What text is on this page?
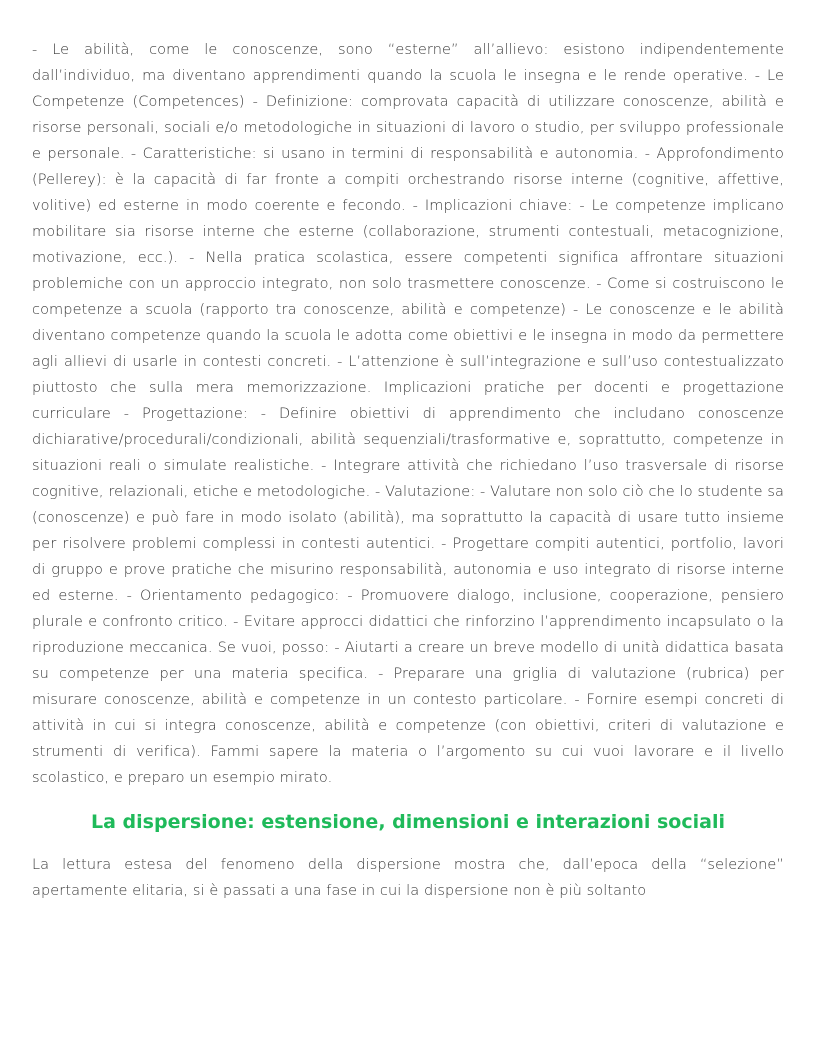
- Le abilità, come le conoscenze, sono “esterne” all’allievo: esistono indipendentemente dall’individuo, ma diventano apprendimenti quando la scuola le insegna e le rende operative. - Le Competenze (Competences) - Definizione: comprovata capacità di utilizzare conoscenze, abilità e risorse personali, sociali e/o metodologiche in situazioni di lavoro o studio, per sviluppo professionale e personale. - Caratteristiche: si usano in termini di responsabilità e autonomia. - Approfondimento (Pellerey): è la capacità di far fronte a compiti orchestrando risorse interne (cognitive, affettive, volitive) ed esterne in modo coerente e fecondo. - Implicazioni chiave: - Le competenze implicano mobilitare sia risorse interne che esterne (collaborazione, strumenti contestuali, metacognizione, motivazione, ecc.). - Nella pratica scolastica, essere competenti significa affrontare situazioni problemiche con un approccio integrato, non solo trasmettere conoscenze. - Come si costruiscono le competenze a scuola (rapporto tra conoscenze, abilità e competenze) - Le conoscenze e le abilità diventano competenze quando la scuola le adotta come obiettivi e le insegna in modo da permettere agli allievi di usarle in contesti concreti. - L’attenzione è sull’integrazione e sull’uso contestualizzato piuttosto che sulla mera memorizzazione. Implicazioni pratiche per docenti e progettazione curriculare - Progettazione: - Definire obiettivi di apprendimento che includano conoscenze dichiarative/procedurali/condizionali, abilità sequenziali/trasformative e, soprattutto, competenze in situazioni reali o simulate realistiche. - Integrare attività che richiedano l’uso trasversale di risorse cognitive, relazionali, etiche e metodologiche. - Valutazione: - Valutare non solo ciò che lo studente sa (conoscenze) e può fare in modo isolato (abilità), ma soprattutto la capacità di usare tutto insieme per risolvere problemi complessi in contesti autentici. - Progettare compiti autentici, portfolio, lavori di gruppo e prove pratiche che misurino responsabilità, autonomia e uso integrato di risorse interne ed esterne. - Orientamento pedagogico: - Promuovere dialogo, inclusione, cooperazione, pensiero plurale e confronto critico. - Evitare approcci didattici che rinforzino l’apprendimento incapsulato o la riproduzione meccanica. Se vuoi, posso: - Aiutarti a creare un breve modello di unità didattica basata su competenze per una materia specifica. - Preparare una griglia di valutazione (rubrica) per misurare conoscenze, abilità e competenze in un contesto particolare. - Fornire esempi concreti di attività in cui si integra conoscenze, abilità e competenze (con obiettivi, criteri di valutazione e strumenti di verifica). Fammi sapere la materia o l’argomento su cui vuoi lavorare e il livello scolastico, e preparo un esempio mirato.

La dispersione: estensione, dimensioni e interazioni sociali

La lettura estesa del fenomeno della dispersione mostra che, dall’epoca della “selezione” apertamente elitaria, si è passati a una fase in cui la dispersione non è più soltanto
